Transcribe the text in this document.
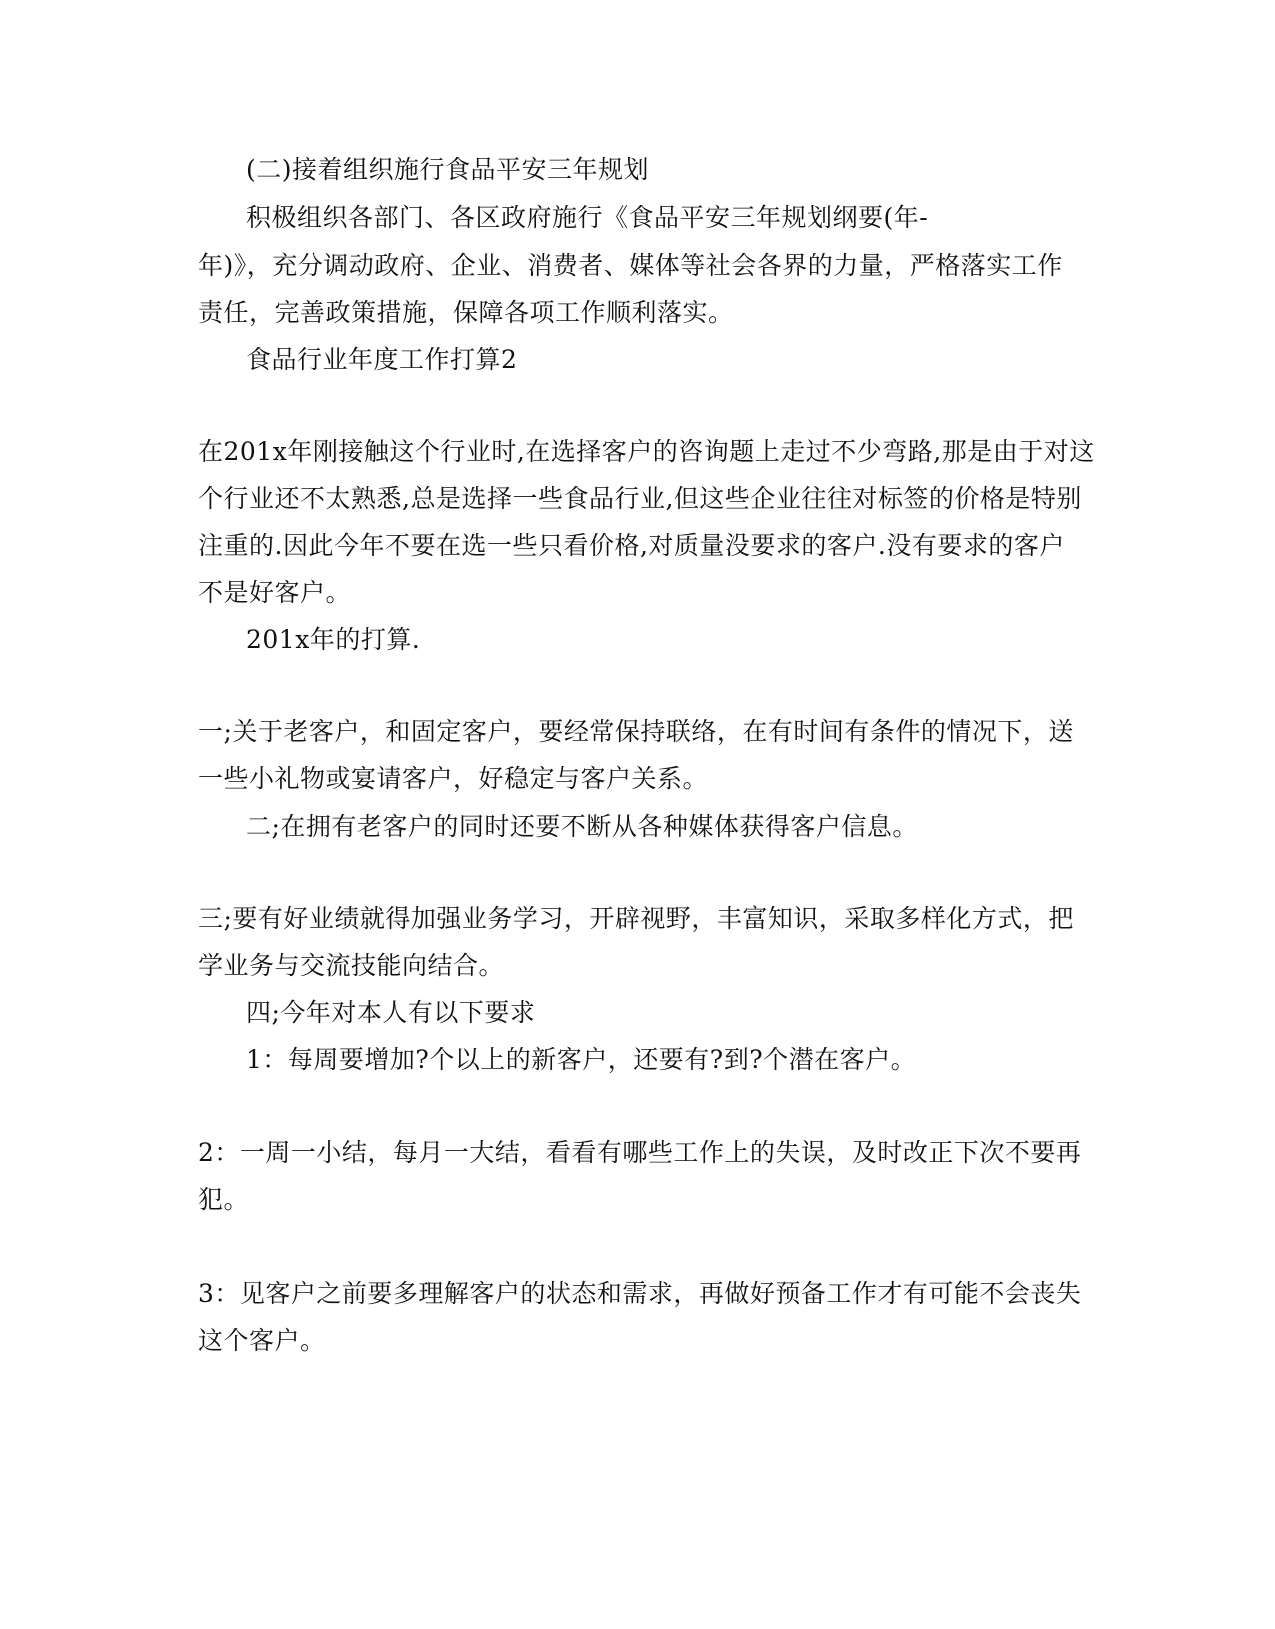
(二)接着组织施行食品平安三年规划
积极组织各部门、各区政府施行《食品平安三年规划纲要(年-
年)》，充分调动政府、企业、消费者、媒体等社会各界的力量，严格落实工作
责任，完善政策措施，保障各项工作顺利落实。
食品行业年度工作打算2
在201x年刚接触这个行业时,在选择客户的咨询题上走过不少弯路,那是由于对这
个行业还不太熟悉,总是选择一些食品行业,但这些企业往往对标签的价格是特别
注重的.因此今年不要在选一些只看价格,对质量没要求的客户.没有要求的客户
不是好客户。
201x年的打算.
一;关于老客户，和固定客户，要经常保持联络，在有时间有条件的情况下，送
一些小礼物或宴请客户，好稳定与客户关系。
二;在拥有老客户的同时还要不断从各种媒体获得客户信息。
三;要有好业绩就得加强业务学习，开辟视野，丰富知识，采取多样化方式，把
学业务与交流技能向结合。
四;今年对本人有以下要求
1：每周要增加?个以上的新客户，还要有?到?个潜在客户。
2：一周一小结，每月一大结，看看有哪些工作上的失误，及时改正下次不要再
犯。
3：见客户之前要多理解客户的状态和需求，再做好预备工作才有可能不会丧失
这个客户。
